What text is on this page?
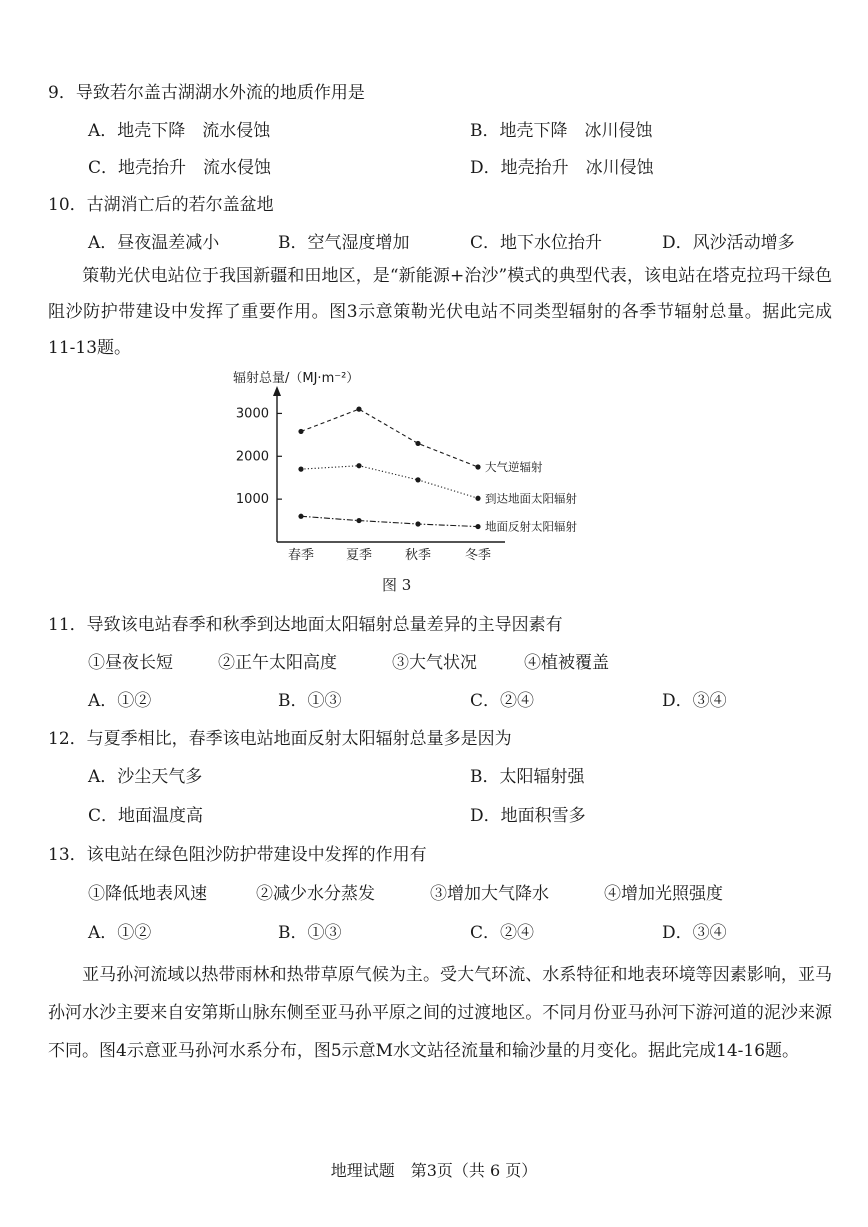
9．导致若尔盖古湖湖水外流的地质作用是
A．地壳下降　流水侵蚀	B．地壳下降　冰川侵蚀
C．地壳抬升　流水侵蚀	D．地壳抬升　冰川侵蚀
10．古湖消亡后的若尔盖盆地
A．昼夜温差减小	B．空气湿度增加	C．地下水位抬升	D．风沙活动增多
　　策勒光伏电站位于我国新疆和田地区，是“新能源+治沙”模式的典型代表，该电站在塔克拉玛干绿色阻沙防护带建设中发挥了重要作用。图3示意策勒光伏电站不同类型辐射的各季节辐射总量。据此完成11-13题。
辐射总量/（MJ·m⁻²）
1000
2000
3000
春季 夏季	秋季	冬季
大气逆辐射
到达地面太阳辐射
地面反射太阳辐射
图 3
11．导致该电站春季和秋季到达地面太阳辐射总量差异的主导因素有
①昼夜长短	②正午太阳高度	③大气状况	④植被覆盖
A．①②	B．①③	C．②④	D．③④
12．与夏季相比，春季该电站地面反射太阳辐射总量多是因为
A．沙尘天气多	B．太阳辐射强
C．地面温度高	D．地面积雪多
13．该电站在绿色阻沙防护带建设中发挥的作用有
①降低地表风速	②减少水分蒸发	③增加大气降水	④增加光照强度
A．①②	B．①③	C．②④	D．③④
　　亚马孙河流域以热带雨林和热带草原气候为主。受大气环流、水系特征和地表环境等因素影响，亚马孙河水沙主要来自安第斯山脉东侧至亚马孙平原之间的过渡地区。不同月份亚马孙河下游河道的泥沙来源不同。图4示意亚马孙河水系分布，图5示意M水文站径流量和输沙量的月变化。据此完成14-16题。
地理试题　第3页（共 6 页）
